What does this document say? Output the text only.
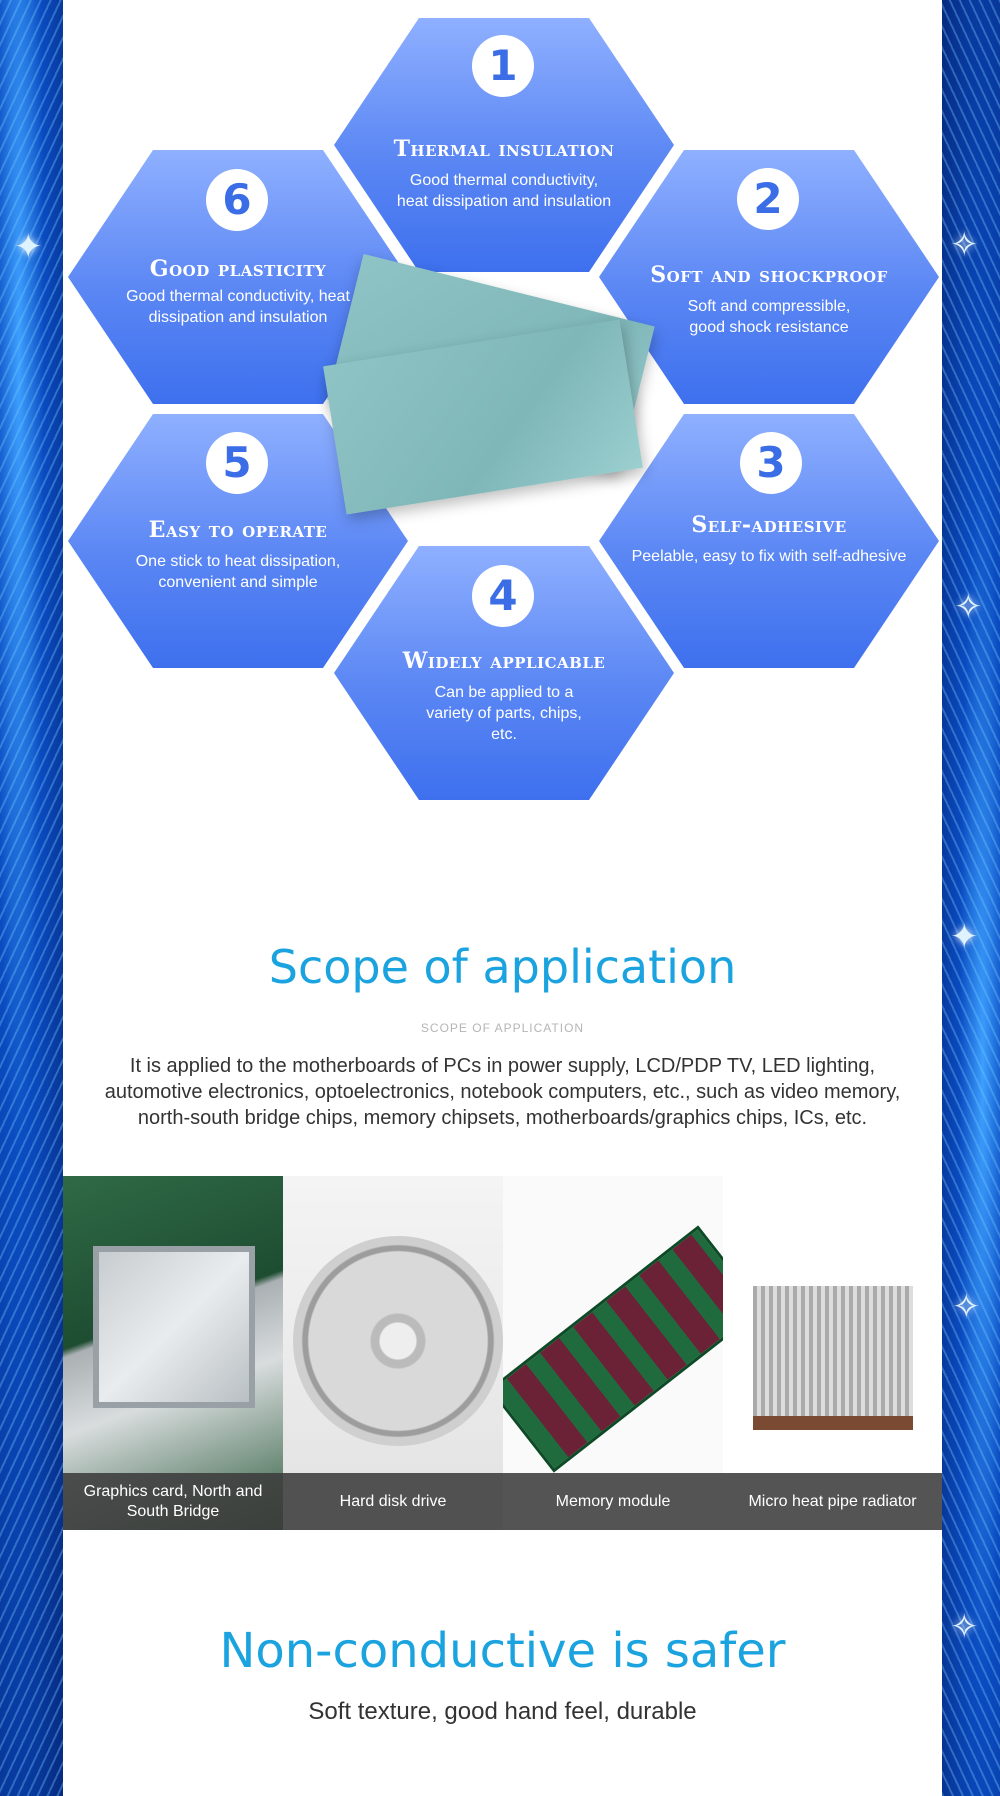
✦	✧
✧
✦
✧
✧
1
Thermal insulation
Good thermal conductivity, heat dissipation and insulation	2
Soft and shockproof
Soft and compressible, good shock resistance
3
Self-adhesive
Peelable, easy to fix with self-adhesive
4
Widely applicable
Can be applied to a variety of parts, chips, etc.
5
Easy to operate
One stick to heat dissipation, convenient and simple
6
Good plasticity
Good thermal conductivity, heat dissipation and insulation
Scope of application
SCOPE OF APPLICATION
It is applied to the motherboards of PCs in power supply, LCD/PDP TV, LED lighting, automotive electronics, optoelectronics, notebook computers, etc., such as video memory, north-south bridge chips, memory chipsets, motherboards/graphics chips, ICs, etc.
Graphics card, North and South Bridge
Hard disk drive	Memory module	Micro heat pipe radiator
Non-conductive is safer
Soft texture, good hand feel, durable
